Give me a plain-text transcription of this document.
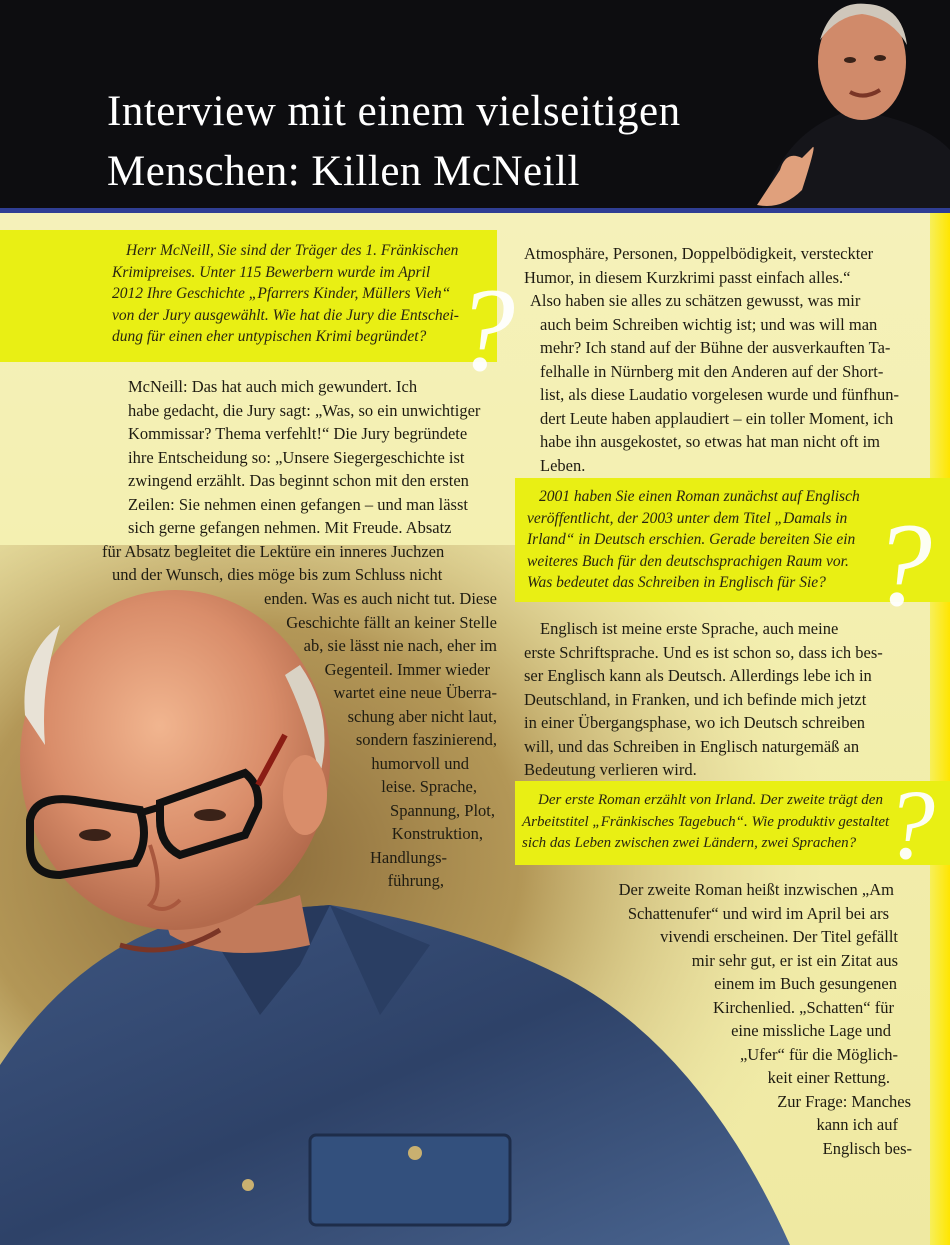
Interview mit einem vielseitigen
Menschen: Killen McNeill

Herr McNeill, Sie sind der Träger des 1. Fränkischen
Krimipreises. Unter 115 Bewerbern wurde im April
2012 Ihre Geschichte „Pfarrers Kinder, Müllers Vieh“
von der Jury ausgewählt. Wie hat die Jury die Entschei-
dung für einen eher untypischen Krimi begründet? ?

McNeill: Das hat auch mich gewundert. Ich
habe gedacht, die Jury sagt: „Was, so ein unwichtiger
Kommissar? Thema verfehlt!“ Die Jury begründete
ihre Entscheidung so: „Unsere Siegergeschichte ist
zwingend erzählt. Das beginnt schon mit den ersten
Zeilen: Sie nehmen einen gefangen – und man lässt
sich gerne gefangen nehmen. Mit Freude. Absatz
für Absatz begleitet die Lektüre ein inneres Juchzen
und der Wunsch, dies möge bis zum Schluss nicht

enden. Was es auch nicht tut. Diese
Geschichte fällt an keiner Stelle
ab, sie lässt nie nach, eher im
Gegenteil. Immer wieder
wartet eine neue Überra-
schung aber nicht laut,
sondern faszinierend,
humorvoll und
leise. Sprache,
Spannung, Plot,
Konstruktion,
Handlungs-
führung,

Atmosphäre, Personen, Doppelbödigkeit, versteckter
Humor, in diesem Kurzkrimi passt einfach alles.“
Also haben sie alles zu schätzen gewusst, was mir
auch beim Schreiben wichtig ist; und was will man
mehr? Ich stand auf der Bühne der ausverkauften Ta-
felhalle in Nürnberg mit den Anderen auf der Short-
list, als diese Laudatio vorgelesen wurde und fünfhun-
dert Leute haben applaudiert – ein toller Moment, ich
habe ihn ausgekostet, so etwas hat man nicht oft im
Leben.

2001 haben Sie einen Roman zunächst auf Englisch
veröffentlicht, der 2003 unter dem Titel „Damals in
Irland“ in Deutsch erschien. Gerade bereiten Sie ein
weiteres Buch für den deutschsprachigen Raum vor.
Was bedeutet das Schreiben in Englisch für Sie? ?

Englisch ist meine erste Sprache, auch meine
erste Schriftsprache. Und es ist schon so, dass ich bes-
ser Englisch kann als Deutsch. Allerdings lebe ich in
Deutschland, in Franken, und ich befinde mich jetzt
in einer Übergangsphase, wo ich Deutsch schreiben
will, und das Schreiben in Englisch naturgemäß an
Bedeutung verlieren wird.

Der erste Roman erzählt von Irland. Der zweite trägt den
Arbeitstitel „Fränkisches Tagebuch“. Wie produktiv gestaltet
sich das Leben zwischen zwei Ländern, zwei Sprachen? ?

Der zweite Roman heißt inzwischen „Am
Schattenufer“ und wird im April bei ars
vivendi erscheinen. Der Titel gefällt
mir sehr gut, er ist ein Zitat aus
einem im Buch gesungenen
Kirchenlied. „Schatten“ für
eine missliche Lage und
„Ufer“ für die Möglich-
keit einer Rettung.
Zur Frage: Manches
kann ich auf
Englisch bes-
